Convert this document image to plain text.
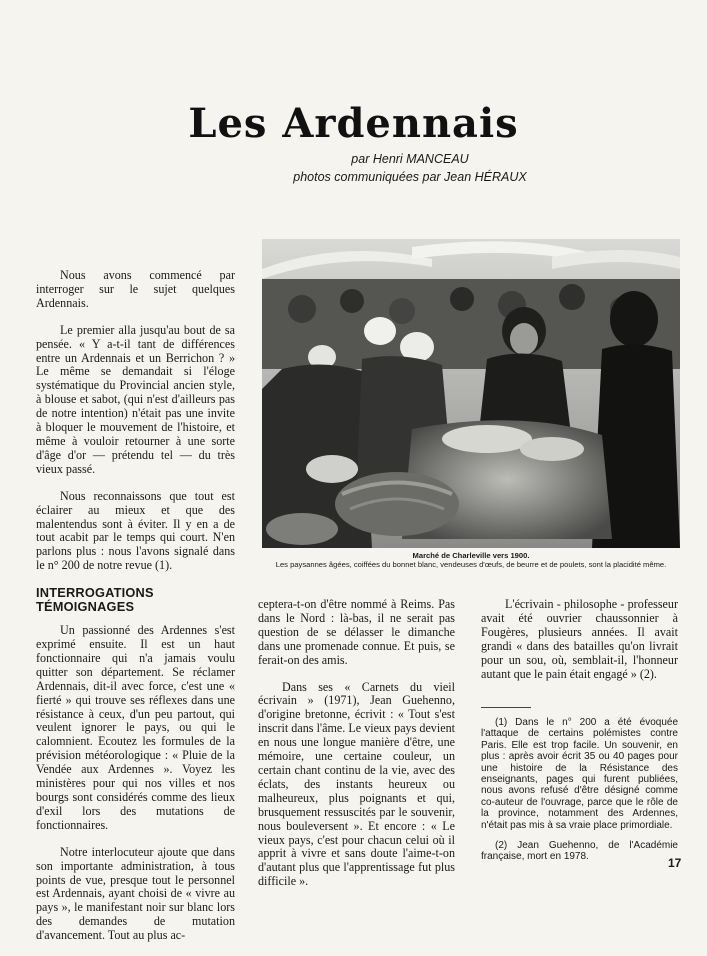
Les Ardennais
par Henri MANCEAU
photos communiquées par Jean HÉRAUX

Nous avons commencé par interroger sur le sujet quelques Ardennais.

Le premier alla jusqu'au bout de sa pensée. « Y a-t-il tant de différences entre un Ardennais et un Berrichon ? » Le même se demandait si l'éloge systématique du Provincial ancien style, à blouse et sabot, (qui n'est d'ailleurs pas de notre intention) n'était pas une invite à bloquer le mouvement de l'histoire, et même à vouloir retourner à une sorte d'âge d'or — prétendu tel — du très vieux passé.

Nous reconnaissons que tout est éclairer au mieux et que des malentendus sont à éviter. Il y en a de tout acabit par le temps qui court. N'en parlons plus : nous l'avons signalé dans le n° 200 de notre revue (1).

INTERROGATIONS
TÉMOIGNAGES

Un passionné des Ardennes s'est exprimé ensuite. Il est un haut fonctionnaire qui n'a jamais voulu quitter son département. Se réclamer Ardennais, dit-il avec force, c'est une « fierté » qui trouve ses réflexes dans une résistance à ceux, d'un peu partout, qui veulent ignorer le pays, ou qui le calomnient. Ecoutez les formules de la prévision météorologique : « Pluie de la Vendée aux Ardennes ». Voyez les ministères pour qui nos villes et nos bourgs sont considérés comme des lieux d'exil lors des mutations de fonctionnaires.

Notre interlocuteur ajoute que dans son importante administration, à tous points de vue, presque tout le personnel est Ardennais, ayant choisi de « vivre au pays », le manifestant noir sur blanc lors des demandes de mutation d'avancement. Tout au plus ac-

Marché de Charleville vers 1900.
Les paysannes âgées, coiffées du bonnet blanc, vendeuses d'œufs, de beurre et de poulets, sont la placidité même.

ceptera-t-on d'être nommé à Reims. Pas dans le Nord : là-bas, il ne serait pas question de se délasser le dimanche dans une promenade connue. Et puis, se ferait-on des amis.

Dans ses « Carnets du vieil écrivain » (1971), Jean Guehenno, d'origine bretonne, écrivit : « Tout s'est inscrit dans l'âme. Le vieux pays devient en nous une longue manière d'être, une mémoire, une certaine couleur, un certain chant continu de la vie, avec des éclats, des instants heureux ou malheureux, plus poignants et qui, brusquement ressuscités par le souvenir, nous bouleversent ». Et encore : « Le vieux pays, c'est pour chacun celui où il apprit à vivre et sans doute l'aime-t-on d'autant plus que l'apprentissage fut plus difficile ».

L'écrivain - philosophe - professeur avait été ouvrier chaussonnier à Fougères, plusieurs années. Il avait grandi « dans des batailles qu'on livrait pour un sou, où, semblait-il, l'honneur autant que le pain était engagé » (2).

(1) Dans le n° 200 a été évoquée l'attaque de certains polémistes contre Paris. Elle est trop facile. Un souvenir, en plus : après avoir écrit 35 ou 40 pages pour une histoire de la Résistance des enseignants, pages qui furent publiées, nous avons refusé d'être désigné comme co-auteur de l'ouvrage, parce que le rôle de la province, notamment des Ardennes, n'était pas mis à sa vraie place primordiale.

(2) Jean Guehenno, de l'Académie française, mort en 1978.	17
